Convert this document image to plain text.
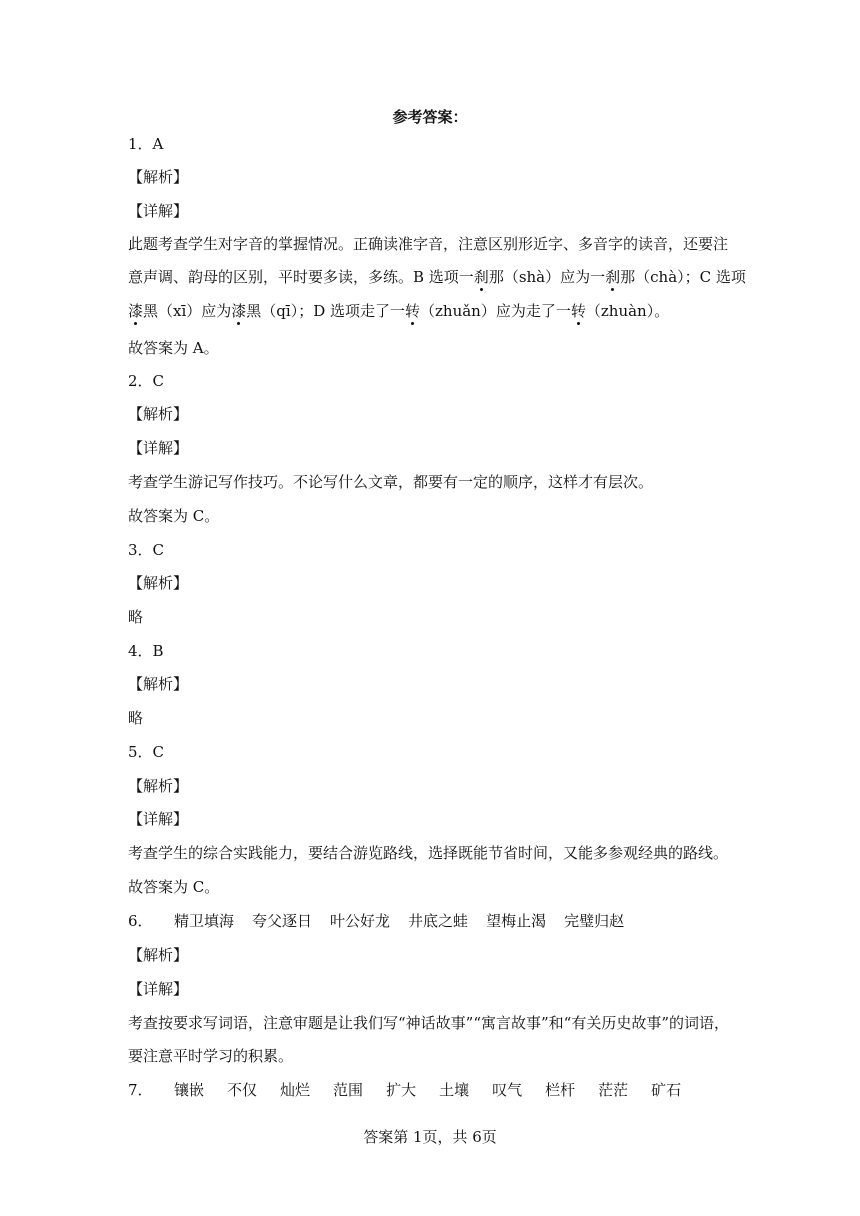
参考答案：
1．A
【解析】
【详解】
此题考查学生对字音的掌握情况。正确读准字音，注意区别形近字、多音字的读音，还要注
意声调、韵母的区别，平时要多读，多练。B 选项一刹那（shà）应为一刹那（chà）；C 选项
漆黑（xī）应为漆黑（qī）；D 选项走了一转（zhuǎn）应为走了一转（zhuàn）。
故答案为 A。
2．C
【解析】
【详解】
考查学生游记写作技巧。不论写什么文章，都要有一定的顺序，这样才有层次。
故答案为 C。
3．C
【解析】
略
4．B
【解析】
略
5．C
【解析】
【详解】
考查学生的综合实践能力，要结合游览路线，选择既能节省时间，又能多参观经典的路线。
故答案为 C。
6． 精卫填海 夸父逐日 叶公好龙 井底之蛙 望梅止渴 完璧归赵
【解析】
【详解】
考查按要求写词语，注意审题是让我们写“神话故事”“寓言故事”和“有关历史故事”的词语，
要注意平时学习的积累。
7． 镶嵌 不仅 灿烂 范围 扩大 土壤 叹气 栏杆 茫茫 矿石
答案第 1页，共 6页
